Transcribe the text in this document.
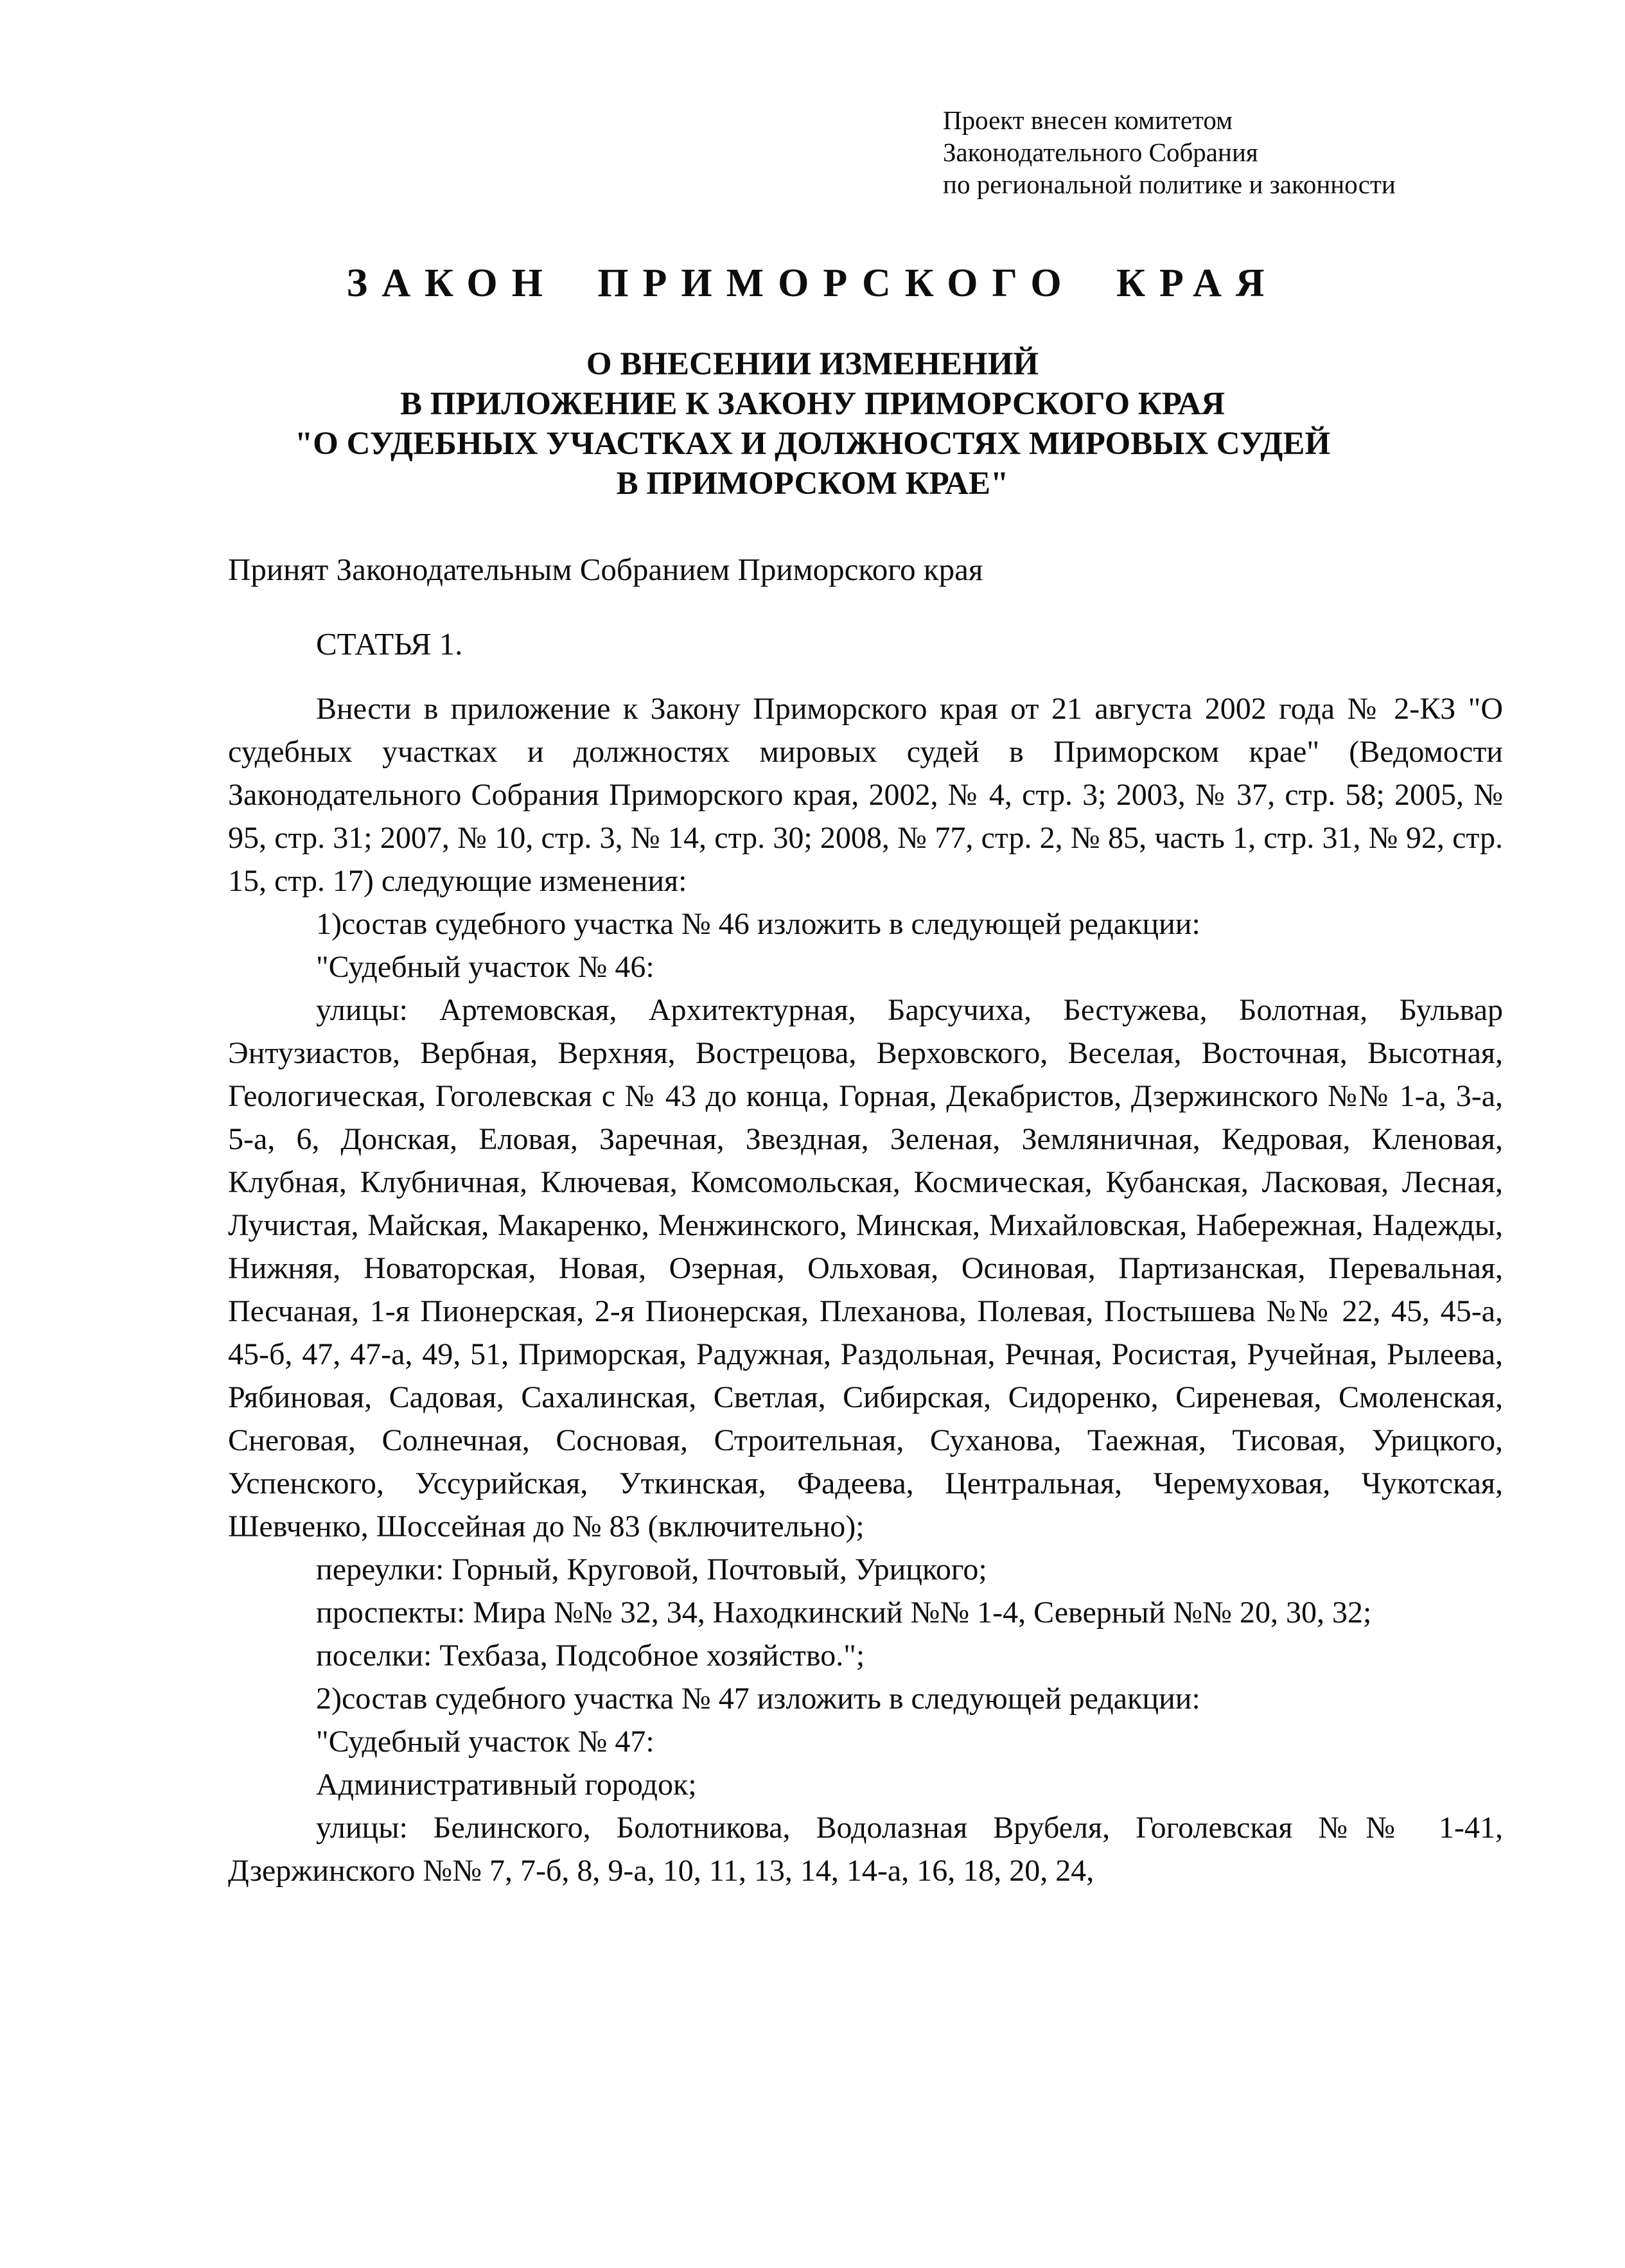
Проект внесен комитетом
Законодательного Собрания
по региональной политике и законности
ЗАКОН ПРИМОРСКОГО КРАЯ
О ВНЕСЕНИИ ИЗМЕНЕНИЙ
В ПРИЛОЖЕНИЕ К ЗАКОНУ ПРИМОРСКОГО КРАЯ
"О СУДЕБНЫХ УЧАСТКАХ И ДОЛЖНОСТЯХ МИРОВЫХ СУДЕЙ
В ПРИМОРСКОМ КРАЕ"

Принят Законодательным Собранием Приморского края

СТАТЬЯ 1.

Внести в приложение к Закону Приморского края от 21 августа 2002 года № 2-КЗ "О судебных участках и должностях мировых судей в Приморском крае" (Ведомости Законодательного Собрания Приморского края, 2002, № 4, стр. 3; 2003, № 37, стр. 58; 2005, № 95, стр. 31; 2007, № 10, стр. 3, № 14, стр. 30; 2008, № 77, стр. 2, № 85, часть 1, стр. 31, № 92, стр. 15, стр. 17) следующие изменения:

1)состав судебного участка № 46 изложить в следующей редакции:

"Судебный участок № 46:

улицы: Артемовская, Архитектурная, Барсучиха, Бестужева, Болотная, Бульвар Энтузиастов, Вербная, Верхняя, Вострецова, Верховского, Веселая, Восточная, Высотная, Геологическая, Гоголевская с № 43 до конца, Горная, Декабристов, Дзержинского №№ 1-а, 3-а, 5-а, 6, Донская, Еловая, Заречная, Звездная, Зеленая, Земляничная, Кедровая, Кленовая, Клубная, Клубничная, Ключевая, Комсомольская, Космическая, Кубанская, Ласковая, Лесная, Лучистая, Майская, Макаренко, Менжинского, Минская, Михайловская, Набережная, Надежды, Нижняя, Новаторская, Новая, Озерная, Ольховая, Осиновая, Партизанская, Перевальная, Песчаная, 1-я Пионерская, 2-я Пионерская, Плеханова, Полевая, Постышева №№ 22, 45, 45-а, 45-б, 47, 47-а, 49, 51, Приморская, Радужная, Раздольная, Речная, Росистая, Ручейная, Рылеева, Рябиновая, Садовая, Сахалинская, Светлая, Сибирская, Сидоренко, Сиреневая, Смоленская, Снеговая, Солнечная, Сосновая, Строительная, Суханова, Таежная, Тисовая, Урицкого, Успенского, Уссурийская, Уткинская, Фадеева, Центральная, Черемуховая, Чукотская, Шевченко, Шоссейная до № 83 (включительно);

переулки: Горный, Круговой, Почтовый, Урицкого;

проспекты: Мира №№ 32, 34, Находкинский №№ 1-4, Северный №№ 20, 30, 32;

поселки: Техбаза, Подсобное хозяйство.";

2)состав судебного участка № 47 изложить в следующей редакции:

"Судебный участок № 47:

Административный городок;

улицы: Белинского, Болотникова, Водолазная Врубеля, Гоголевская №№ 1-41, Дзержинского №№ 7, 7-б, 8, 9-а, 10, 11, 13, 14, 14-а, 16, 18, 20, 24,
